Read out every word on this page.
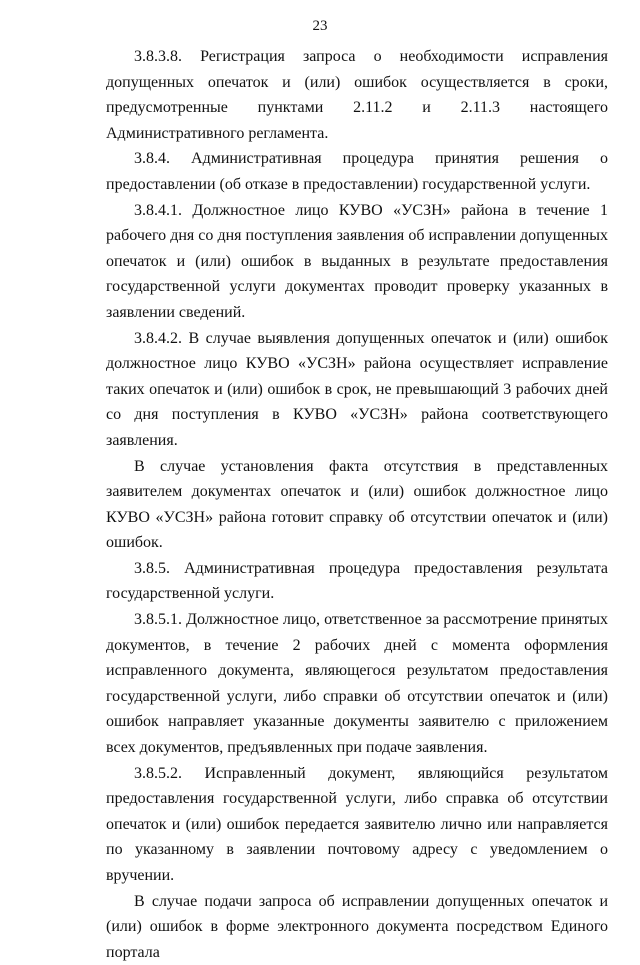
23

3.8.3.8. Регистрация запроса о необходимости исправления допущенных опечаток и (или) ошибок осуществляется в сроки, предусмотренные пунктами 2.11.2 и 2.11.3 настоящего Административного регламента.

3.8.4. Административная процедура принятия решения о предоставлении (об отказе в предоставлении) государственной услуги.

3.8.4.1. Должностное лицо КУВО «УСЗН» района в течение 1 рабочего дня со дня поступления заявления об исправлении допущенных опечаток и (или) ошибок в выданных в результате предоставления государственной услуги документах проводит проверку указанных в заявлении сведений.

3.8.4.2. В случае выявления допущенных опечаток и (или) ошибок должностное лицо КУВО «УСЗН» района осуществляет исправление таких опечаток и (или) ошибок в срок, не превышающий 3 рабочих дней со дня поступления в КУВО «УСЗН» района соответствующего заявления.

В случае установления факта отсутствия в представленных заявителем документах опечаток и (или) ошибок должностное лицо КУВО «УСЗН» района готовит справку об отсутствии опечаток и (или) ошибок.

3.8.5. Административная процедура предоставления результата государственной услуги.

3.8.5.1. Должностное лицо, ответственное за рассмотрение принятых документов, в течение 2 рабочих дней с момента оформления исправленного документа, являющегося результатом предоставления государственной услуги, либо справки об отсутствии опечаток и (или) ошибок направляет указанные документы заявителю с приложением всех документов, предъявленных при подаче заявления.

3.8.5.2. Исправленный документ, являющийся результатом предоставления государственной услуги, либо справка об отсутствии опечаток и (или) ошибок передается заявителю лично или направляется по указанному в заявлении почтовому адресу с уведомлением о вручении.

В случае подачи запроса об исправлении допущенных опечаток и (или) ошибок в форме электронного документа посредством Единого портала
